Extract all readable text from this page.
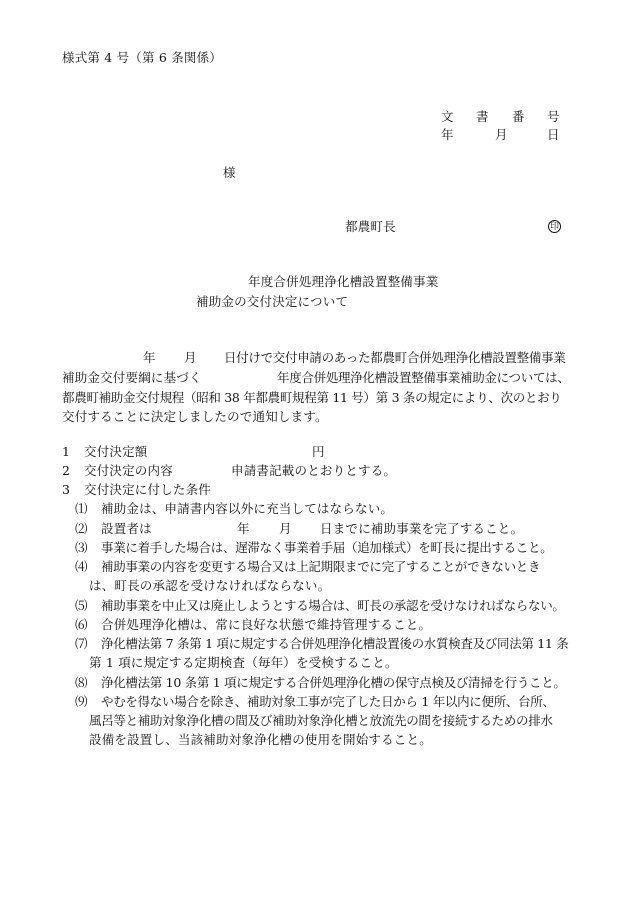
様式第 4 号（第 6 条関係）
文 書 番 号
年	月	日
様
都農町長	印
年度合併処理浄化槽設置整備事業
補助金の交付決定について
年 月 日付けで交付申請のあった都農町合併処理浄化槽設置整備事業
補助金交付要綱に基づく	年度合併処理浄化槽設置整備事業補助金については、
都農町補助金交付規程（昭和 38 年都農町規程第 11 号）第 3 条の規定により、次のとおり
交付することに決定しましたので通知します。
1 交付決定額	円
2 交付決定の内容	申請書記載のとおりとする。
3 交付決定に付した条件
⑴ 補助金は、申請書内容以外に充当してはならない。
⑵ 設置者は	年 月 日までに補助事業を完了すること。
⑶ 事業に着手した場合は、遅滞なく事業着手届（追加様式）を町長に提出すること。
⑷ 補助事業の内容を変更する場合又は上記期限までに完了することができないとき
は、町長の承認を受けなければならない。
⑸ 補助事業を中止又は廃止しようとする場合は、町長の承認を受けなければならない。
⑹ 合併処理浄化槽は、常に良好な状態で維持管理すること。
⑺ 浄化槽法第 7 条第 1 項に規定する合併処理浄化槽設置後の水質検査及び同法第 11 条
第 1 項に規定する定期検査（毎年）を受検すること。
⑻ 浄化槽法第 10 条第 1 項に規定する合併処理浄化槽の保守点検及び清掃を行うこと。
⑼ やむを得ない場合を除き、補助対象工事が完了した日から 1 年以内に便所、台所、
風呂等と補助対象浄化槽の間及び補助対象浄化槽と放流先の間を接続するための排水
設備を設置し、当該補助対象浄化槽の使用を開始すること。
